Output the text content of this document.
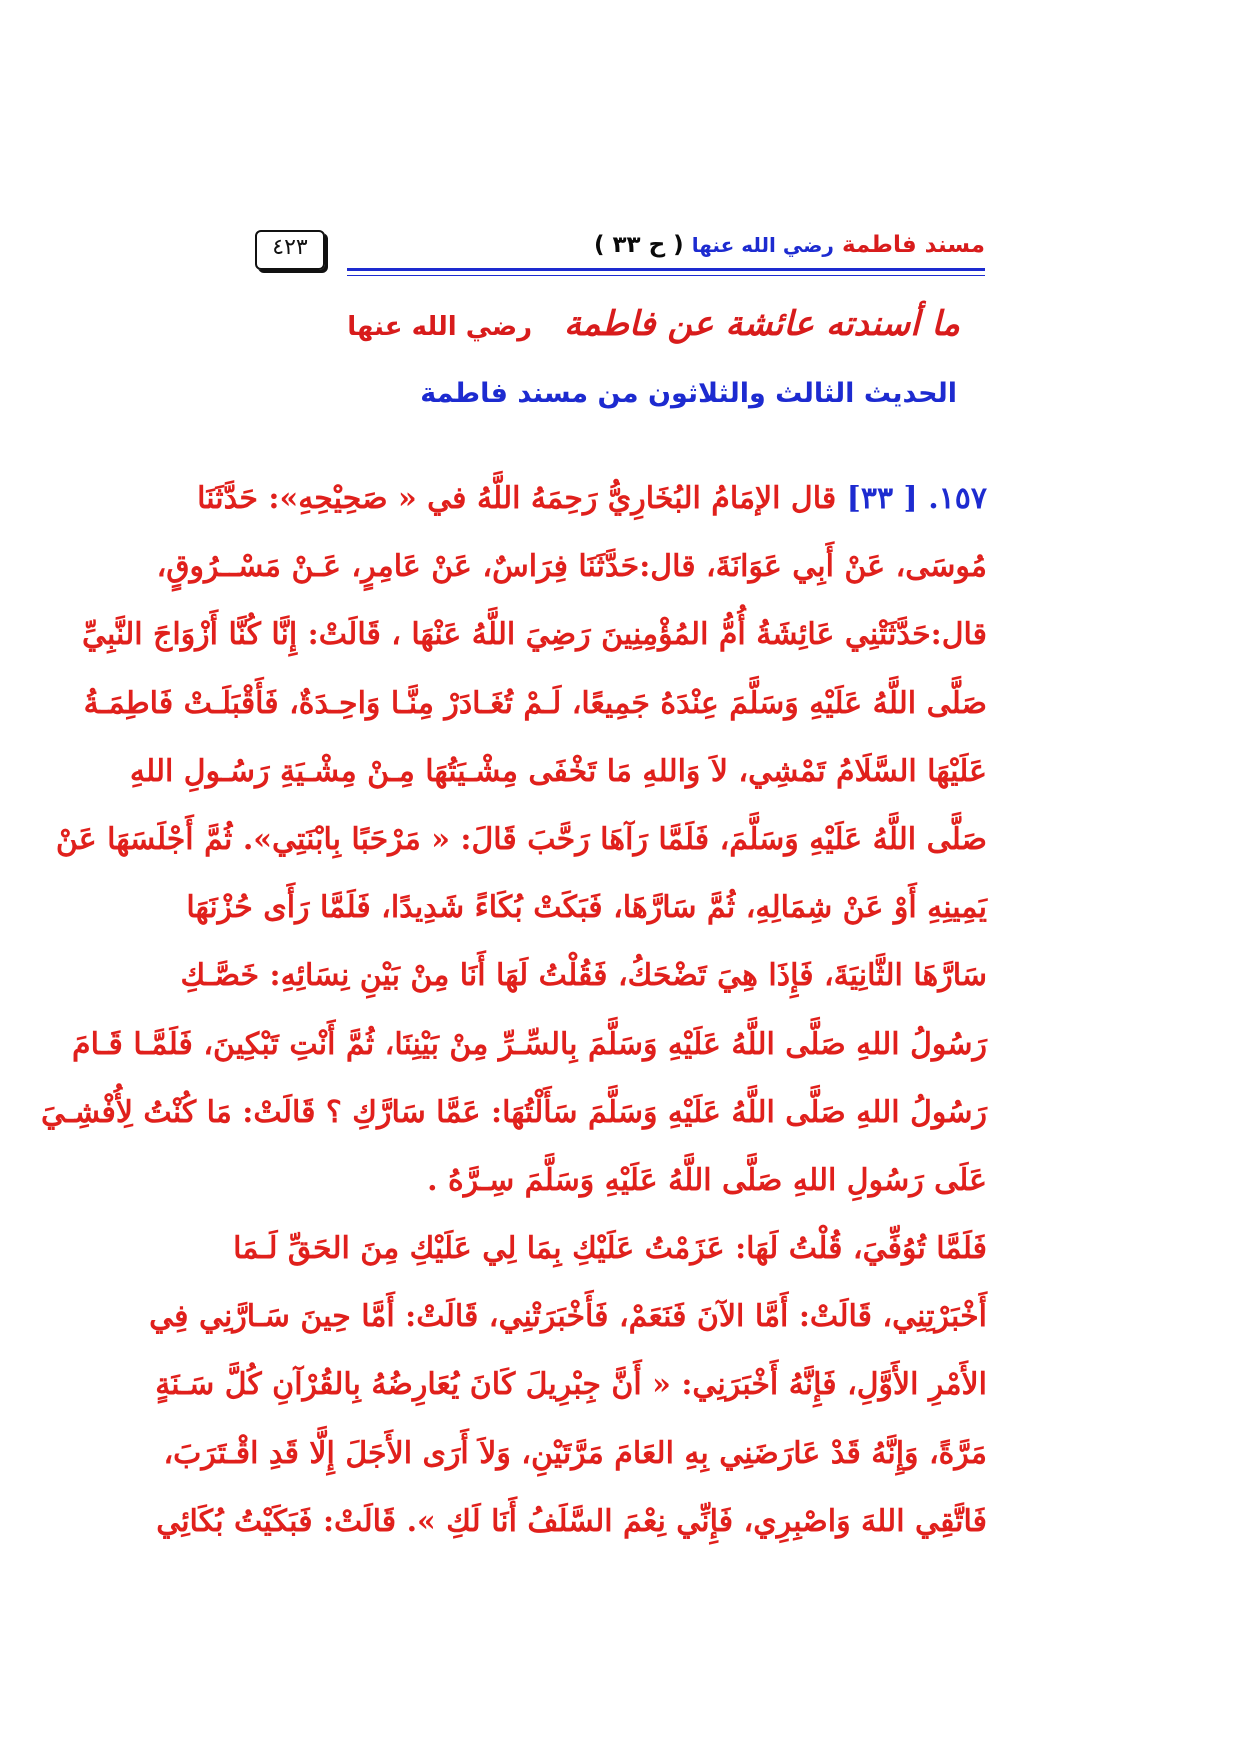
٤٢٣	مسند فاطمة رضي الله عنها ( ح ٣٣ )
ما أسندته عائشة عن فاطمة رضي الله عنها
الحديث الثالث والثلاثون من مسند فاطمة
١٥٧. [ ٣٣] قال الإمَامُ البُخَارِيُّ رَحِمَهُ اللَّهُ في « صَحِيْحِهِ»: حَدَّثَنَا
مُوسَى، عَنْ أَبِي عَوَانَةَ، قال:حَدَّثَنَا فِرَاسٌ، عَنْ عَامِرٍ، عَـنْ مَسْــرُوقٍ،
قال:حَدَّثَتْنِي عَائِشَةُ أُمُّ المُؤْمِنِينَ رَضِيَ اللَّهُ عَنْهَا ، قَالَتْ: إِنَّا كُنَّا أَزْوَاجَ النَّبِيِّ
صَلَّى اللَّهُ عَلَيْهِ وَسَلَّمَ عِنْدَهُ جَمِيعًا، لَـمْ تُغَـادَرْ مِنَّـا وَاحِـدَةٌ، فَأَقْبَلَـتْ فَاطِمَـةُ
عَلَيْهَا السَّلَامُ تَمْشِي، لاَ وَاللهِ مَا تَخْفَى مِشْـيَتُهَا مِـنْ مِشْـيَةِ رَسُـولِ اللهِ
صَلَّى اللَّهُ عَلَيْهِ وَسَلَّمَ، فَلَمَّا رَآهَا رَحَّبَ قَالَ: « مَرْحَبًا بِابْنَتِي». ثُمَّ أَجْلَسَهَا عَنْ
يَمِينِهِ أَوْ عَنْ شِمَالِهِ، ثُمَّ سَارَّهَا، فَبَكَتْ بُكَاءً شَدِيدًا، فَلَمَّا رَأَى حُزْنَهَا
سَارَّهَا الثَّانِيَةَ، فَإِذَا هِيَ تَضْحَكُ، فَقُلْتُ لَهَا أَنَا مِنْ بَيْنِ نِسَائِهِ: خَصَّـكِ
رَسُولُ اللهِ صَلَّى اللَّهُ عَلَيْهِ وَسَلَّمَ بِالسِّـرِّ مِنْ بَيْنِنَا، ثُمَّ أَنْتِ تَبْكِينَ، فَلَمَّـا قَـامَ
رَسُولُ اللهِ صَلَّى اللَّهُ عَلَيْهِ وَسَلَّمَ سَأَلْتُهَا: عَمَّا سَارَّكِ ؟ قَالَتْ: مَا كُنْتُ لِأُفْشِـيَ
عَلَى رَسُولِ اللهِ صَلَّى اللَّهُ عَلَيْهِ وَسَلَّمَ سِـرَّهُ .
فَلَمَّا تُوُفِّيَ، قُلْتُ لَهَا: عَزَمْتُ عَلَيْكِ بِمَا لِي عَلَيْكِ مِنَ الحَقِّ لَـمَا
أَخْبَرْتِنِي، قَالَتْ: أَمَّا الآنَ فَنَعَمْ، فَأَخْبَرَتْنِي، قَالَتْ: أَمَّا حِينَ سَـارَّنِي فِي
الأَمْرِ الأَوَّلِ، فَإِنَّهُ أَخْبَرَنِي: « أَنَّ جِبْرِيلَ كَانَ يُعَارِضُهُ بِالقُرْآنِ كُلَّ سَـنَةٍ
مَرَّةً، وَإِنَّهُ قَدْ عَارَضَنِي بِهِ العَامَ مَرَّتَيْنِ، وَلاَ أَرَى الأَجَلَ إِلَّا قَدِ اقْـتَرَبَ،
فَاتَّقِي اللهَ وَاصْبِرِي، فَإِنِّي نِعْمَ السَّلَفُ أَنَا لَكِ ». قَالَتْ: فَبَكَيْتُ بُكَائِي
